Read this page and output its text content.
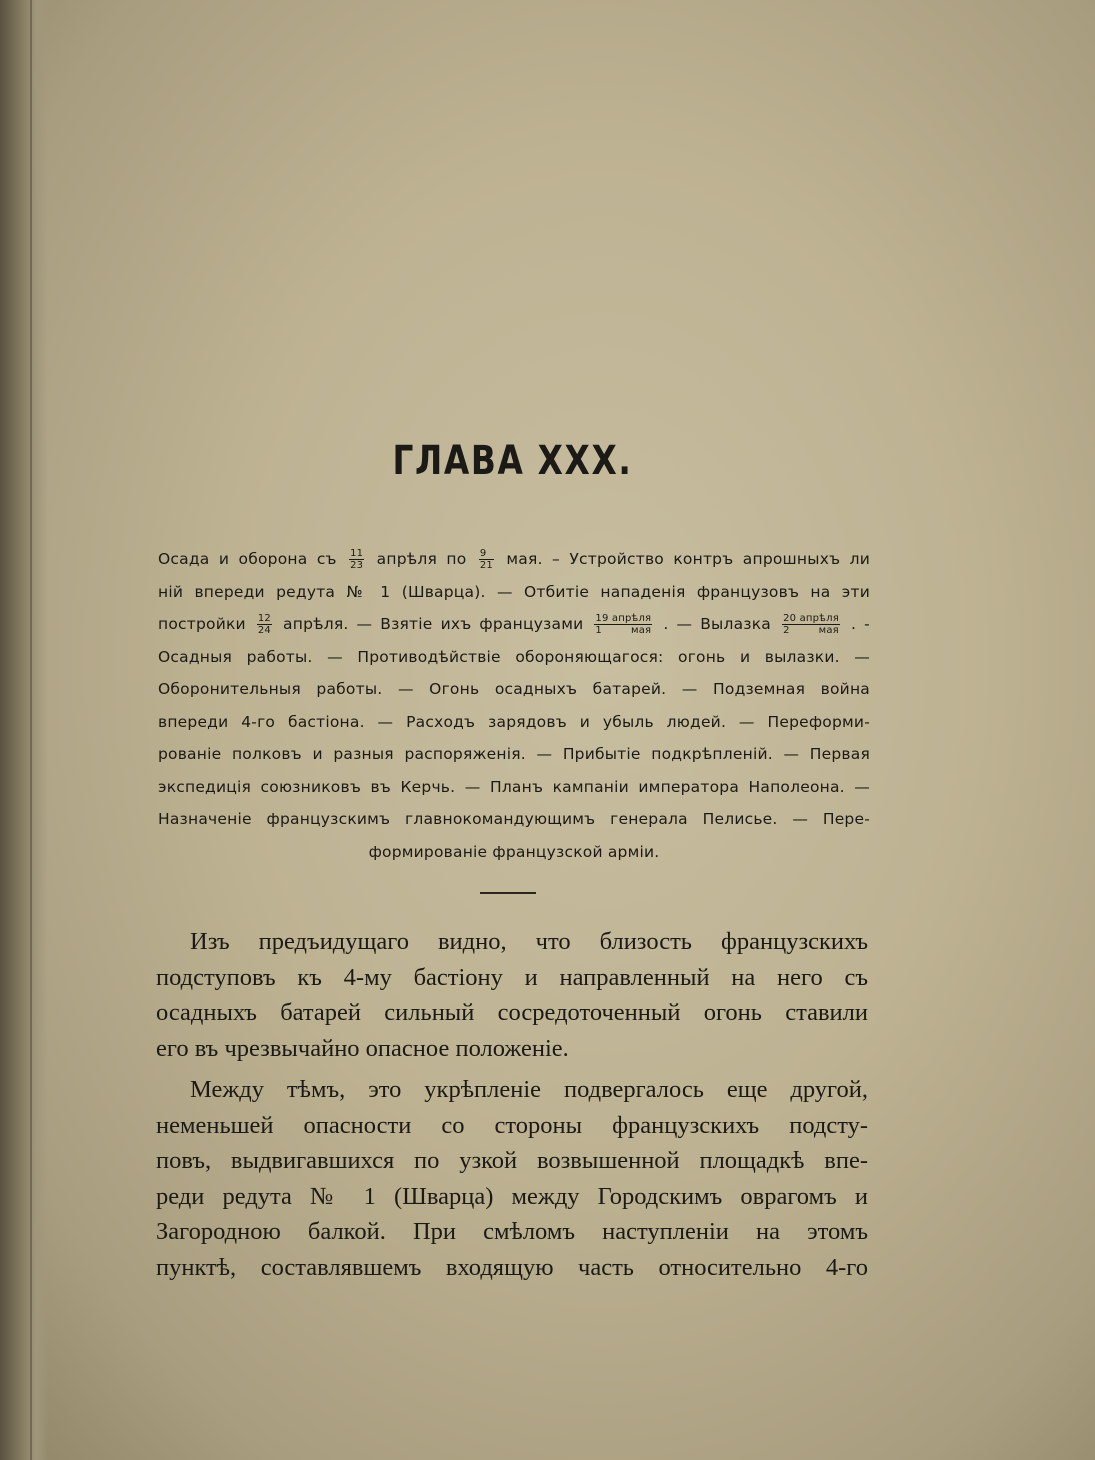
ГЛАВА XXX.
Осада и оборона съ $\frac{11}{23}$ апрѣля по $\frac{9}{21}$ мая. – Устройство контръ апрошныхъ ли
нiй впереди редута № 1 (Шварца). — Отбитiе нападенiя французовъ на эти
постройки $\frac{12}{24}$ апрѣля. — Взятiе ихъ французами $\frac{\text{19 апрѣля}}{\text{1 мая}}$ . — Вылазка $\frac{\text{20 апрѣля}}{\text{2 мая}}$ . -
Осадныя работы. — Противодѣйствiе обороняющагося: огонь и вылазки. —
Оборонительныя работы. — Огонь осадныхъ батарей. — Подземная война
впереди 4-го бастiона. — Расходъ зарядовъ и убыль людей. — Переформи-
рованiе полковъ и разныя распоряженiя. — Прибытiе подкрѣпленiй. — Первая
экспедицiя союзниковъ въ Керчь. — Планъ кампанiи императора Наполеона. —
Назначенiе французскимъ главнокомандующимъ генерала Пелисье. — Пере-
формированiе французской армiи.
Изъ предъидущаго видно, что близость французскихъ
подступовъ къ 4-му бастiону и направленный на него съ
осадныхъ батарей сильный сосредоточенный огонь ставили
его въ чрезвычайно опасное положенiе.
Между тѣмъ, это укрѣпленiе подвергалось еще другой,
неменьшей опасности со стороны французскихъ подсту-
повъ, выдвигавшихся по узкой возвышенной площадкѣ впе-
реди редута № 1 (Шварца) между Городскимъ оврагомъ и
Загородною балкой. При смѣломъ наступленiи на этомъ
пунктѣ, составлявшемъ входящую часть относительно 4-го
